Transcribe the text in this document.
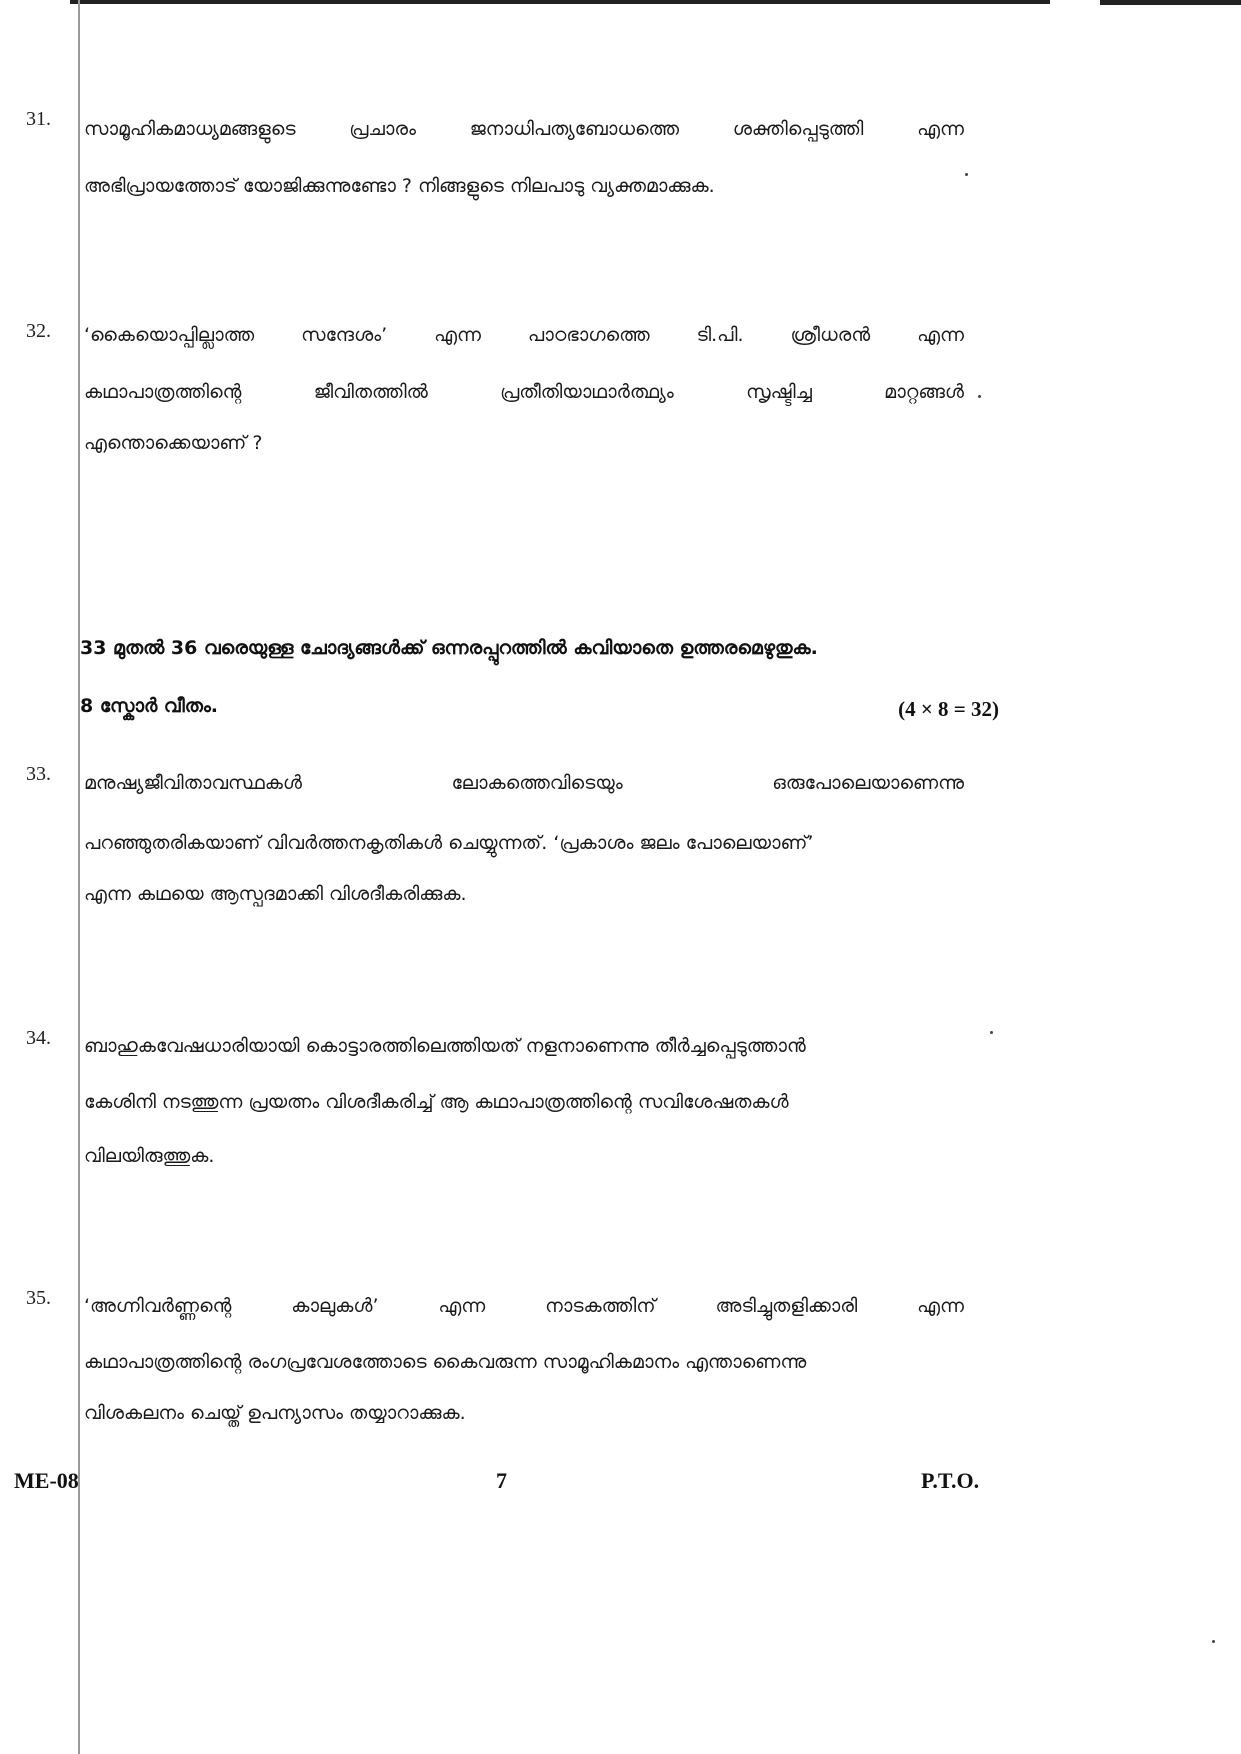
31. സാമൂഹികമാധ്യമങ്ങളുടെ	പ്രചാരം	ജനാധിപത്യബോധത്തെ	ശക്തിപ്പെടുത്തി	എന്ന
അഭിപ്രായത്തോട് യോജിക്കുന്നുണ്ടോ ? നിങ്ങളുടെ നിലപാടു വ്യക്തമാക്കുക.
32. ‘കൈയൊപ്പില്ലാത്ത സന്ദേശം’ എന്ന പാഠഭാഗത്തെ ടി.പി. ശ്രീധരൻ എന്ന
കഥാപാത്രത്തിന്റെ	ജീവിതത്തിൽ	പ്രതീതിയാഥാർത്ഥ്യം	സൃഷ്ടിച്ച	മാറ്റങ്ങൾ
എന്തൊക്കെയാണ് ?
33 മുതൽ 36 വരെയുള്ള ചോദ്യങ്ങൾക്ക് ഒന്നരപ്പുറത്തിൽ കവിയാതെ ഉത്തരമെഴുതുക.
8 സ്കോർ വീതം.	(4 × 8 = 32)
33. മനുഷ്യജീവിതാവസ്ഥകൾ	ലോകത്തെവിടെയും	ഒരുപോലെയാണെന്നു
പറഞ്ഞുതരികയാണ് വിവർത്തനകൃതികൾ ചെയ്യുന്നത്. ‘പ്രകാശം ജലം പോലെയാണ്’
എന്ന കഥയെ ആസ്പദമാക്കി വിശദീകരിക്കുക.
34. ബാഹുകവേഷധാരിയായി കൊട്ടാരത്തിലെത്തിയത് നളനാണെന്നു തീർച്ചപ്പെടുത്താൻ
കേശിനി നടത്തുന്ന പ്രയത്നം വിശദീകരിച്ച് ആ കഥാപാത്രത്തിന്റെ സവിശേഷതകൾ
വിലയിരുത്തുക.
35. ‘അഗ്നിവർണ്ണന്റെ	കാലുകൾ’	എന്ന	നാടകത്തിന്	അടിച്ചുതളിക്കാരി	എന്ന
കഥാപാത്രത്തിന്റെ രംഗപ്രവേശത്തോടെ കൈവരുന്ന സാമൂഹികമാനം എന്താണെന്നു
വിശകലനം ചെയ്ത് ഉപന്യാസം തയ്യാറാക്കുക.
ME-08	7	P.T.O.
